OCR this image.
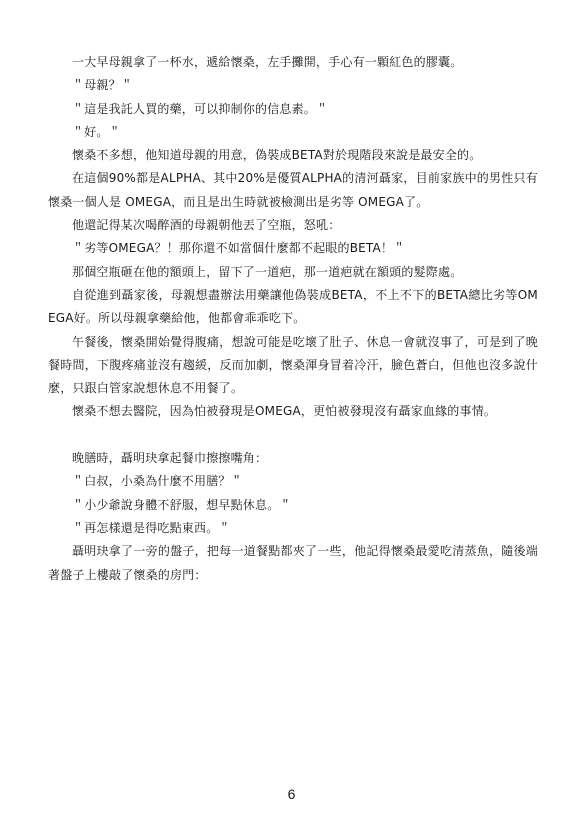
一大早母親拿了一杯水，遞給懷桑，左手攤開，手心有一顆紅色的膠囊。

＂母親？＂

＂這是我託人買的藥，可以抑制你的信息素。＂

＂好。＂

懷桑不多想，他知道母親的用意，偽裝成BETA對於現階段來說是最安全的。

在這個90%都是ALPHA、其中20%是優質ALPHA的清河聶家，目前家族中的男性只有懷桑一個人是 OMEGA，而且是出生時就被檢測出是劣等 OMEGA了。

他還記得某次喝醉酒的母親朝他丟了空瓶，怒吼：

＂劣等OMEGA？！那你還不如當個什麼都不起眼的BETA！＂

那個空瓶砸在他的額頭上，留下了一道疤，那一道疤就在額頭的髮際處。

自從進到聶家後，母親想盡辦法用藥讓他偽裝成BETA，不上不下的BETA總比劣等OMEGA好。所以母親拿藥給他，他都會乖乖吃下。

午餐後，懷桑開始覺得腹痛，想說可能是吃壞了肚子、休息一會就沒事了，可是到了晚餐時間，下腹疼痛並沒有趨緩，反而加劇，懷桑渾身冒着冷汗，臉色蒼白，但他也沒多說什麼，只跟白管家說想休息不用餐了。

懷桑不想去醫院，因為怕被發現是OMEGA，更怕被發現沒有聶家血緣的事情。

晚膳時，聶明玦拿起餐巾擦擦嘴角：

＂白叔，小桑為什麼不用膳？＂

＂小少爺說身體不舒服，想早點休息。＂

＂再怎樣還是得吃點東西。＂

聶明玦拿了一旁的盤子，把每一道餐點都夾了一些，他記得懷桑最愛吃清蒸魚，隨後端著盤子上樓敲了懷桑的房門：

6
